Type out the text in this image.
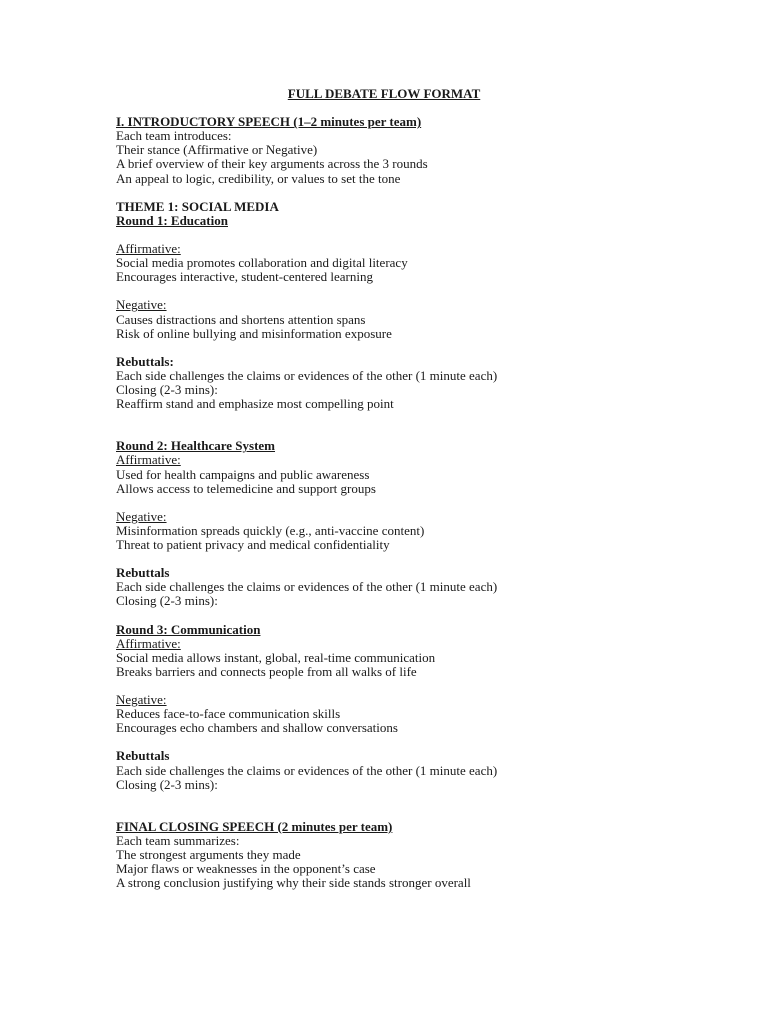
FULL DEBATE FLOW FORMAT
I. INTRODUCTORY SPEECH (1–2 minutes per team)
Each team introduces:
Their stance (Affirmative or Negative)
A brief overview of their key arguments across the 3 rounds
An appeal to logic, credibility, or values to set the tone
THEME 1: SOCIAL MEDIA
Round 1: Education
Affirmative:
Social media promotes collaboration and digital literacy
Encourages interactive, student-centered learning
Negative:
Causes distractions and shortens attention spans
Risk of online bullying and misinformation exposure
Rebuttals:
Each side challenges the claims or evidences of the other (1 minute each)
Closing (2-3 mins):
Reaffirm stand and emphasize most compelling point
Round 2: Healthcare System
Affirmative:
Used for health campaigns and public awareness
Allows access to telemedicine and support groups
Negative:
Misinformation spreads quickly (e.g., anti-vaccine content)
Threat to patient privacy and medical confidentiality
Rebuttals
Each side challenges the claims or evidences of the other (1 minute each)
Closing (2-3 mins):
Round 3: Communication
Affirmative:
Social media allows instant, global, real-time communication
Breaks barriers and connects people from all walks of life
Negative:
Reduces face-to-face communication skills
Encourages echo chambers and shallow conversations
Rebuttals
Each side challenges the claims or evidences of the other (1 minute each)
Closing (2-3 mins):
FINAL CLOSING SPEECH (2 minutes per team)
Each team summarizes:
The strongest arguments they made
Major flaws or weaknesses in the opponent’s case
A strong conclusion justifying why their side stands stronger overall
